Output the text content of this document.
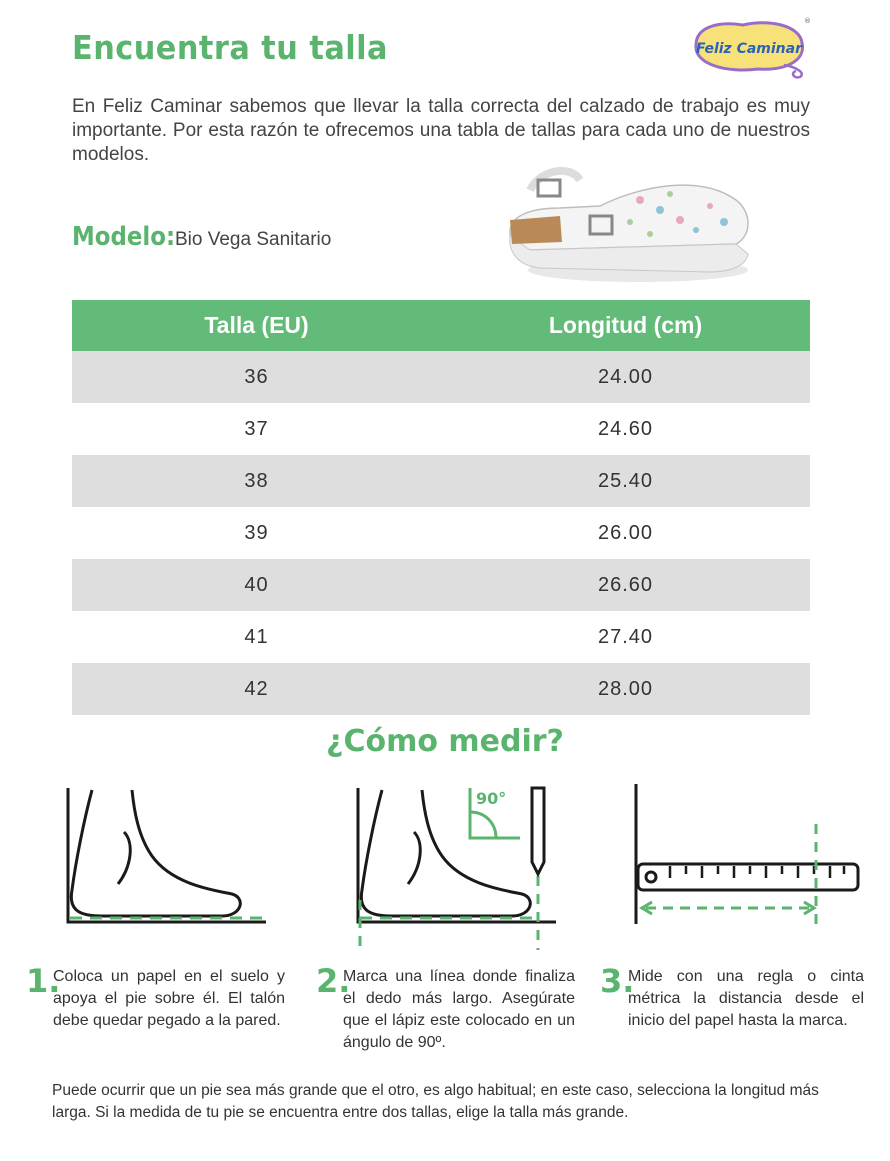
Encuentra tu talla	Feliz Caminar
®
En Feliz Caminar sabemos que llevar la talla correcta del calzado de trabajo es muy importante. Por esta razón te ofrecemos una tabla de tallas para cada uno de nuestros modelos.
Modelo: Bio Vega Sanitario
Talla (EU)	Longitud (cm)
36	24.00
37	24.60
38	25.40
39	26.00
40	26.60
41	27.40
42	28.00
¿Cómo medir?
90°
1.
Coloca un papel en el suelo y apoya el pie sobre él. El talón debe quedar pegado a la pared.
2.
Marca una línea donde finaliza el dedo más largo. Asegúrate que el lápiz este colocado en un ángulo de 90º.
3.
Mide con una regla o cinta métrica la distancia desde el inicio del papel hasta la marca.
Puede ocurrir que un pie sea más grande que el otro, es algo habitual; en este caso, selecciona la longitud más larga. Si la medida de tu pie se encuentra entre dos tallas, elige la talla más grande.
